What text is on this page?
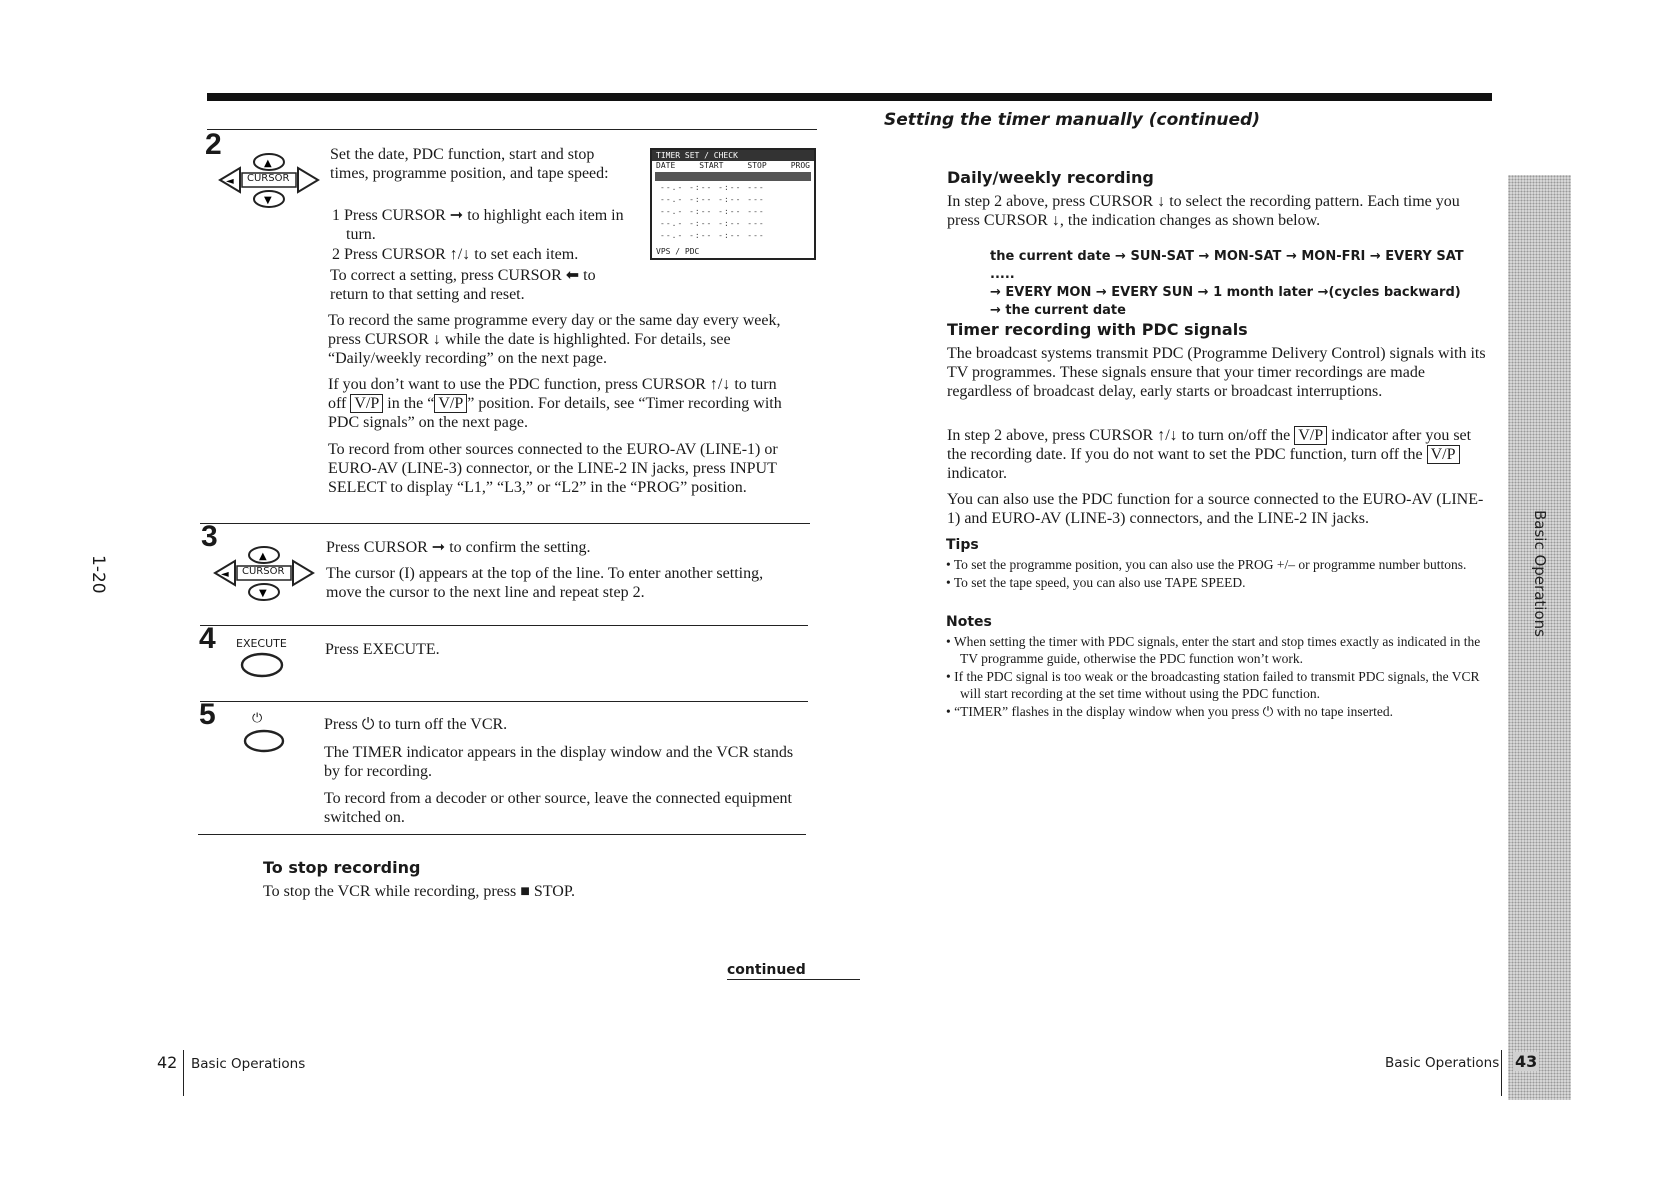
1-20
2
◄
▲
▼
CURSOR
Set the date, PDC function, start and stop times, programme position, and tape speed:
1 Press CURSOR ➞ to highlight each item in turn.
2 Press CURSOR ↑/↓ to set each item.
To correct a setting, press CURSOR ⬅ to return to that setting and reset.
TIMER SET / CHECK
DATE	START	STOP	PROG
--.- -:-- -:-- ---
--.- -:-- -:-- ---
--.- -:-- -:-- ---
--.- -:-- -:-- ---
--.- -:-- -:-- ---
VPS / PDC
To record the same programme every day or the same day every week, press CURSOR ↓ while the date is highlighted. For details, see “Daily/weekly recording” on the next page.
If you don’t want to use the PDC function, press CURSOR ↑/↓ to turn off V/P in the “ V/P ” position. For details, see “Timer recording with PDC signals” on the next page.
To record from other sources connected to the EURO-AV (LINE-1) or EURO-AV (LINE-3) connector, or the LINE-2 IN jacks, press INPUT SELECT to display “L1,” “L3,” or “L2” in the “PROG” position.
3
◄
▲
▼
CURSOR
Press CURSOR ➞ to confirm the setting.
The cursor (I) appears at the top of the line. To enter another setting, move the cursor to the next line and repeat step 2.
4 EXECUTE Press EXECUTE.
5	⏻	Press ⏻ to turn off the VCR.
The TIMER indicator appears in the display window and the VCR stands by for recording.
To record from a decoder or other source, leave the connected equipment switched on.
To stop recording
To stop the VCR while recording, press ■ STOP.
continued
42 Basic Operations
Setting the timer manually (continued)
Daily/weekly recording
In step 2 above, press CURSOR ↓ to select the recording pattern. Each time you press CURSOR ↓, the indication changes as shown below.
the current date → SUN-SAT → MON-SAT → MON-FRI → EVERY SAT .....
→ EVERY MON → EVERY SUN → 1 month later →(cycles backward)
→ the current date
Timer recording with PDC signals
The broadcast systems transmit PDC (Programme Delivery Control) signals with its TV programmes. These signals ensure that your timer recordings are made regardless of broadcast delay, early starts or broadcast interruptions.
In step 2 above, press CURSOR ↑/↓ to turn on/off the V/P indicator after you set the recording date. If you do not want to set the PDC function, turn off the V/P indicator.
You can also use the PDC function for a source connected to the EURO-AV (LINE-1) and EURO-AV (LINE-3) connectors, and the LINE-2 IN jacks.
Tips
• To set the programme position, you can also use the PROG +/– or programme number buttons.
• To set the tape speed, you can also use TAPE SPEED.
Notes
• When setting the timer with PDC signals, enter the start and stop times exactly as indicated in the TV programme guide, otherwise the PDC function won’t work.
• If the PDC signal is too weak or the broadcasting station failed to transmit PDC signals, the VCR will start recording at the set time without using the PDC function.
• “TIMER” flashes in the display window when you press ⏻ with no tape inserted.
Basic Operations
Basic Operations 43
